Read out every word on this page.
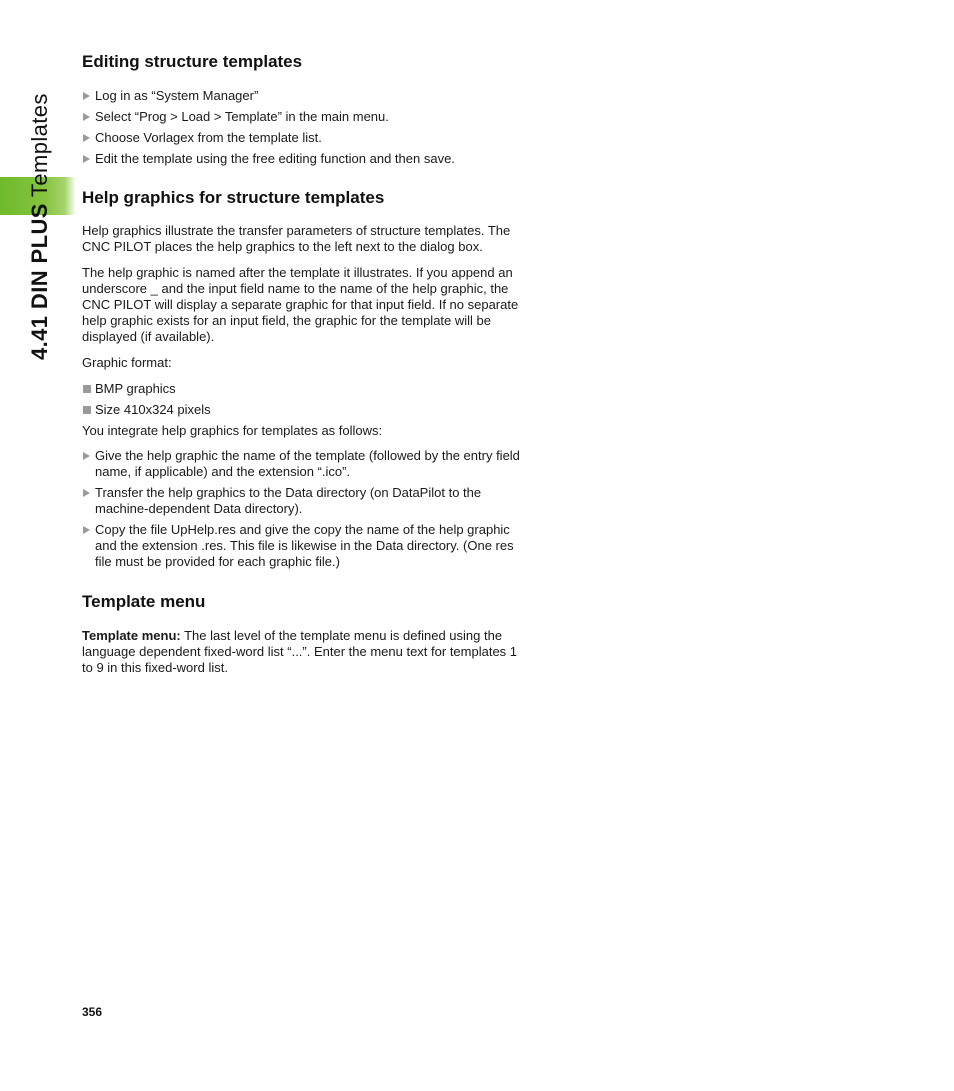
4.41 DIN PLUS Templates
Editing structure templates
Log in as “System Manager”
Select “Prog > Load > Template” in the main menu.
Choose Vorlagex from the template list.
Edit the template using the free editing function and then save.
Help graphics for structure templates

Help graphics illustrate the transfer parameters of structure templates. The CNC PILOT places the help graphics to the left next to the dialog box.

The help graphic is named after the template it illustrates. If you append an underscore _ and the input field name to the name of the help graphic, the CNC PILOT will display a separate graphic for that input field. If no separate help graphic exists for an input field, the graphic for the template will be displayed (if available).

Graphic format:

BMP graphics
Size 410x324 pixels

You integrate help graphics for templates as follows:

Give the help graphic the name of the template (followed by the entry field name, if applicable) and the extension “.ico”.
Transfer the help graphics to the Data directory (on DataPilot to the machine-dependent Data directory).
Copy the file UpHelp.res and give the copy the name of the help graphic and the extension .res. This file is likewise in the Data directory. (One res file must be provided for each graphic file.)
Template menu

Template menu: The last level of the template menu is defined using the language dependent fixed-word list “...”. Enter the menu text for templates 1 to 9 in this fixed-word list.

356
